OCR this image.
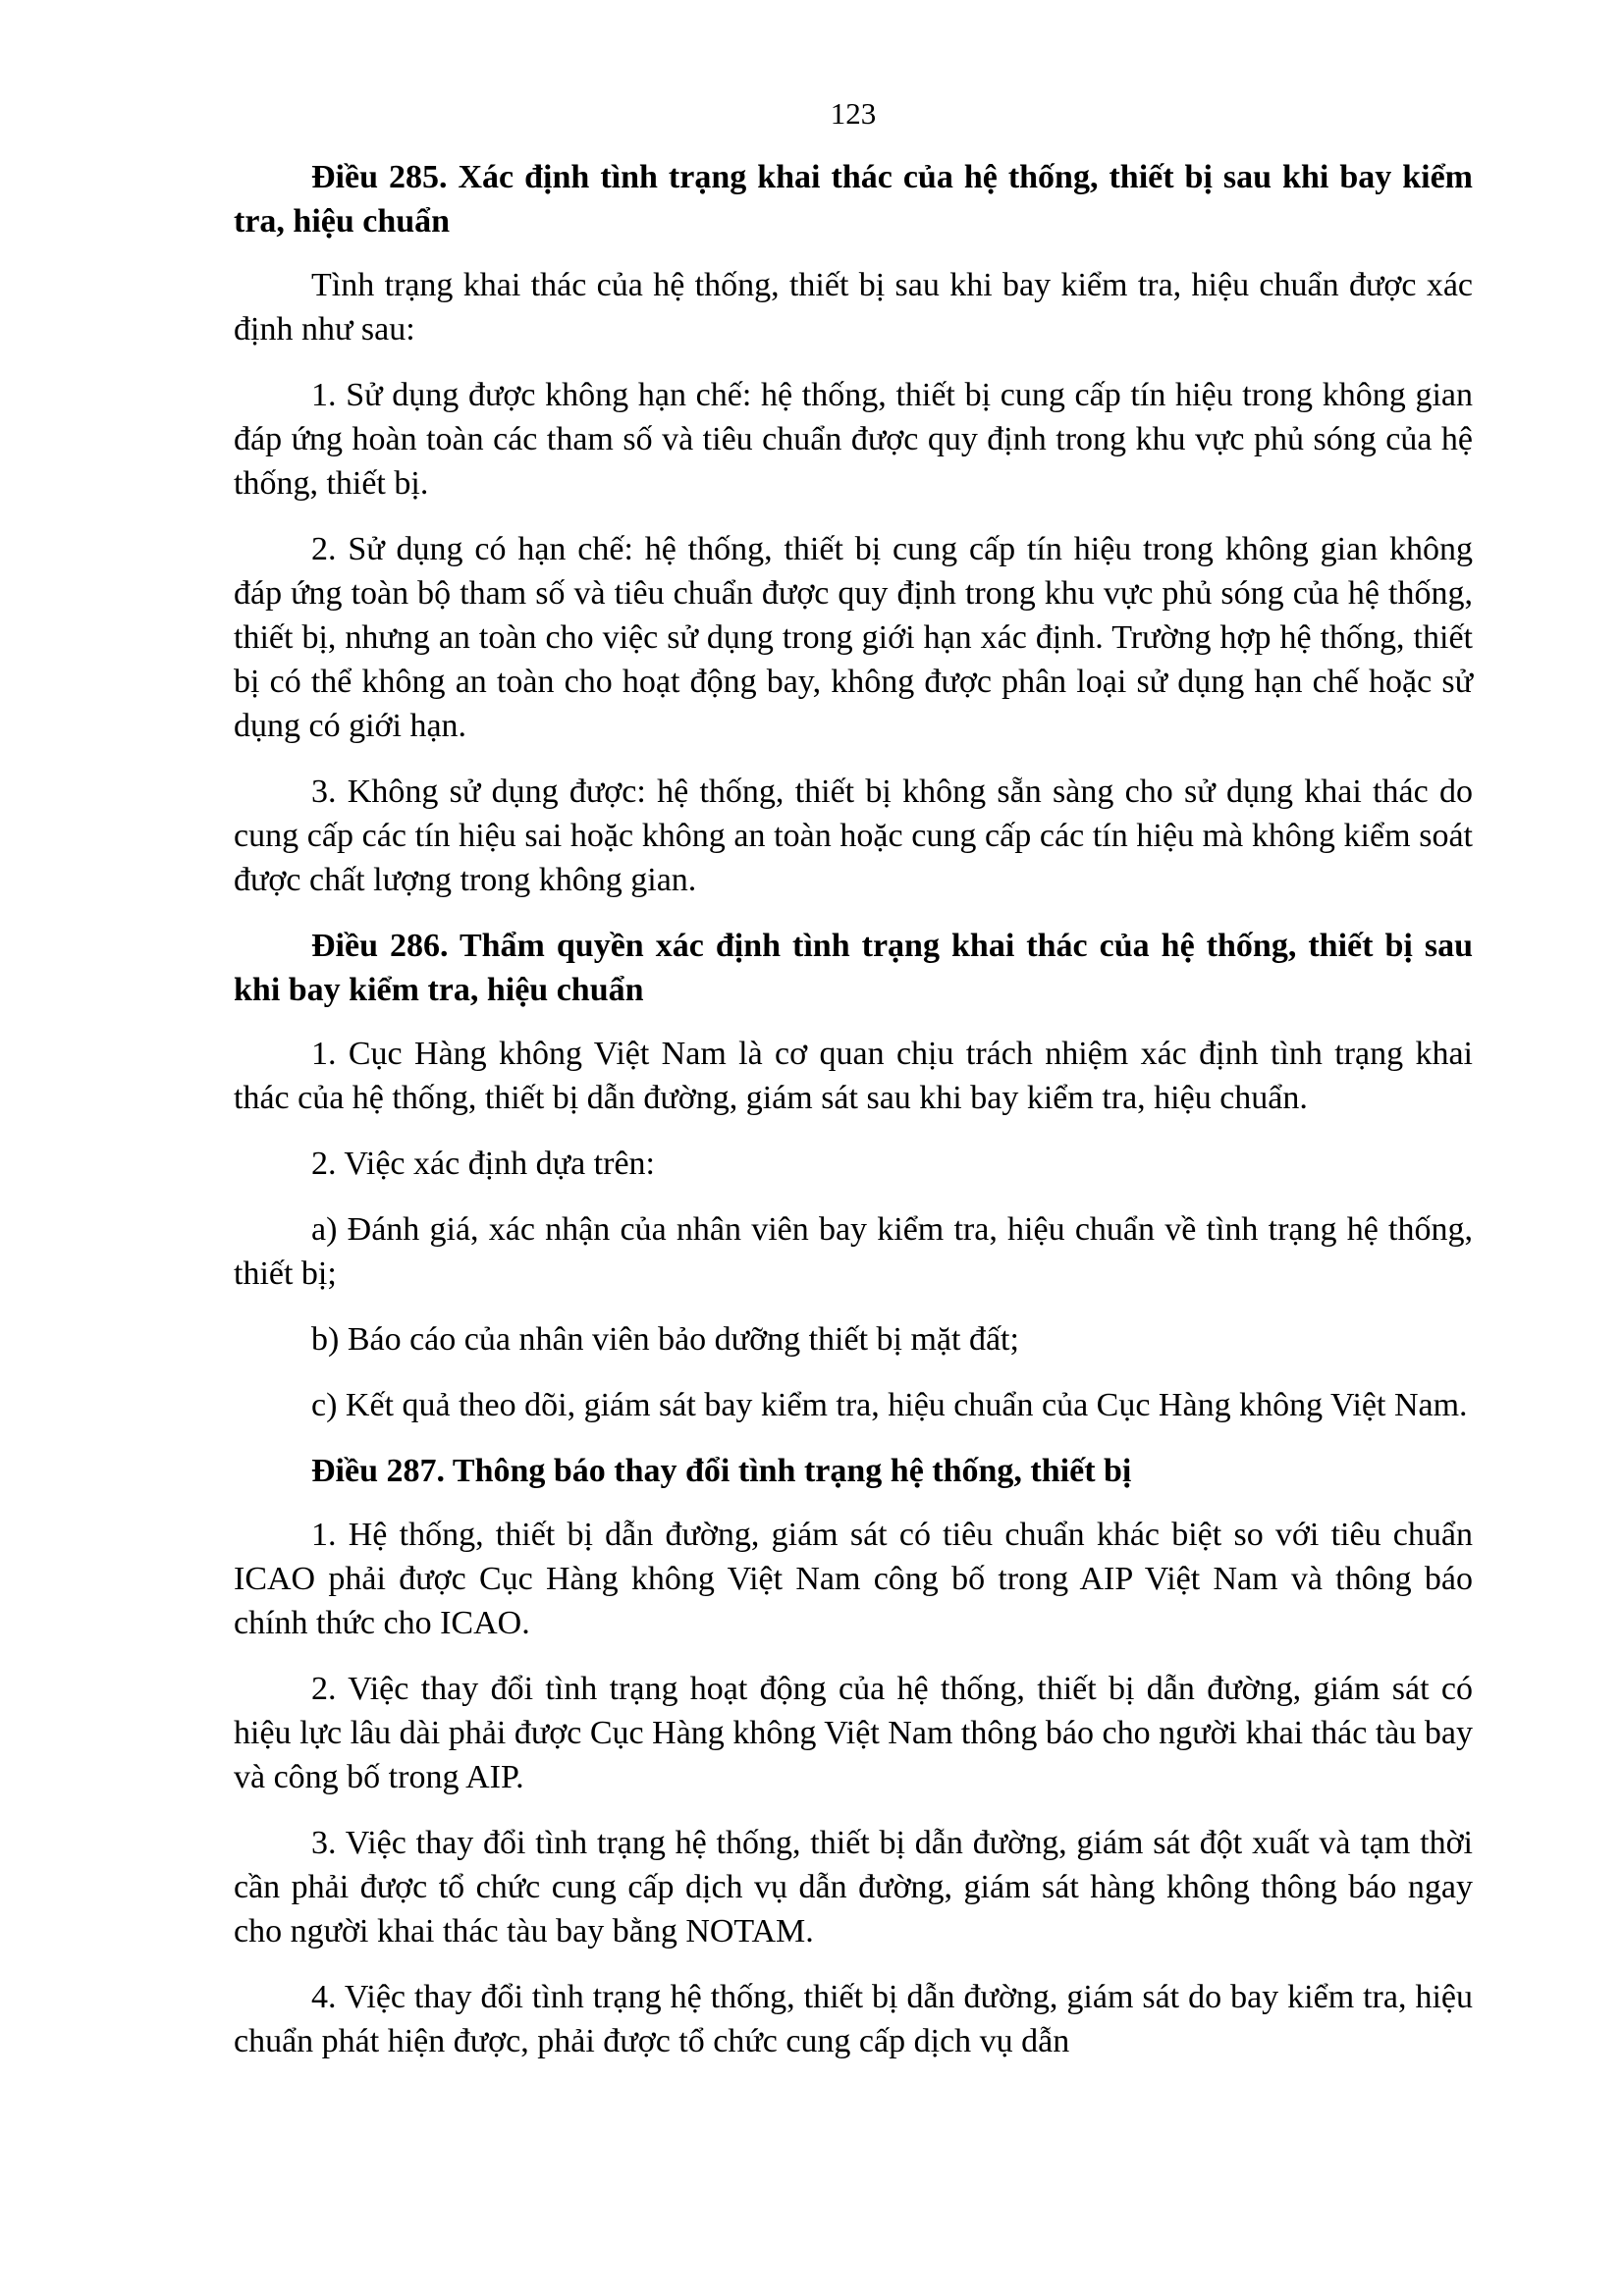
123

Điều 285. Xác định tình trạng khai thác của hệ thống, thiết bị sau khi bay kiểm tra, hiệu chuẩn

Tình trạng khai thác của hệ thống, thiết bị sau khi bay kiểm tra, hiệu chuẩn được xác định như sau:

1. Sử dụng được không hạn chế: hệ thống, thiết bị cung cấp tín hiệu trong không gian đáp ứng hoàn toàn các tham số và tiêu chuẩn được quy định trong khu vực phủ sóng của hệ thống, thiết bị.

2. Sử dụng có hạn chế: hệ thống, thiết bị cung cấp tín hiệu trong không gian không đáp ứng toàn bộ tham số và tiêu chuẩn được quy định trong khu vực phủ sóng của hệ thống, thiết bị, nhưng an toàn cho việc sử dụng trong giới hạn xác định. Trường hợp hệ thống, thiết bị có thể không an toàn cho hoạt động bay, không được phân loại sử dụng hạn chế hoặc sử dụng có giới hạn.

3. Không sử dụng được: hệ thống, thiết bị không sẵn sàng cho sử dụng khai thác do cung cấp các tín hiệu sai hoặc không an toàn hoặc cung cấp các tín hiệu mà không kiểm soát được chất lượng trong không gian.

Điều 286. Thẩm quyền xác định tình trạng khai thác của hệ thống, thiết bị sau khi bay kiểm tra, hiệu chuẩn

1. Cục Hàng không Việt Nam là cơ quan chịu trách nhiệm xác định tình trạng khai thác của hệ thống, thiết bị dẫn đường, giám sát sau khi bay kiểm tra, hiệu chuẩn.

2. Việc xác định dựa trên:

a) Đánh giá, xác nhận của nhân viên bay kiểm tra, hiệu chuẩn về tình trạng hệ thống, thiết bị;

b) Báo cáo của nhân viên bảo dưỡng thiết bị mặt đất;

c) Kết quả theo dõi, giám sát bay kiểm tra, hiệu chuẩn của Cục Hàng không Việt Nam.

Điều 287. Thông báo thay đổi tình trạng hệ thống, thiết bị

1. Hệ thống, thiết bị dẫn đường, giám sát có tiêu chuẩn khác biệt so với tiêu chuẩn ICAO phải được Cục Hàng không Việt Nam công bố trong AIP Việt Nam và thông báo chính thức cho ICAO.

2. Việc thay đổi tình trạng hoạt động của hệ thống, thiết bị dẫn đường, giám sát có hiệu lực lâu dài phải được Cục Hàng không Việt Nam thông báo cho người khai thác tàu bay và công bố trong AIP.

3. Việc thay đổi tình trạng hệ thống, thiết bị dẫn đường, giám sát đột xuất và tạm thời cần phải được tổ chức cung cấp dịch vụ dẫn đường, giám sát hàng không thông báo ngay cho người khai thác tàu bay bằng NOTAM.

4. Việc thay đổi tình trạng hệ thống, thiết bị dẫn đường, giám sát do bay kiểm tra, hiệu chuẩn phát hiện được, phải được tổ chức cung cấp dịch vụ dẫn
